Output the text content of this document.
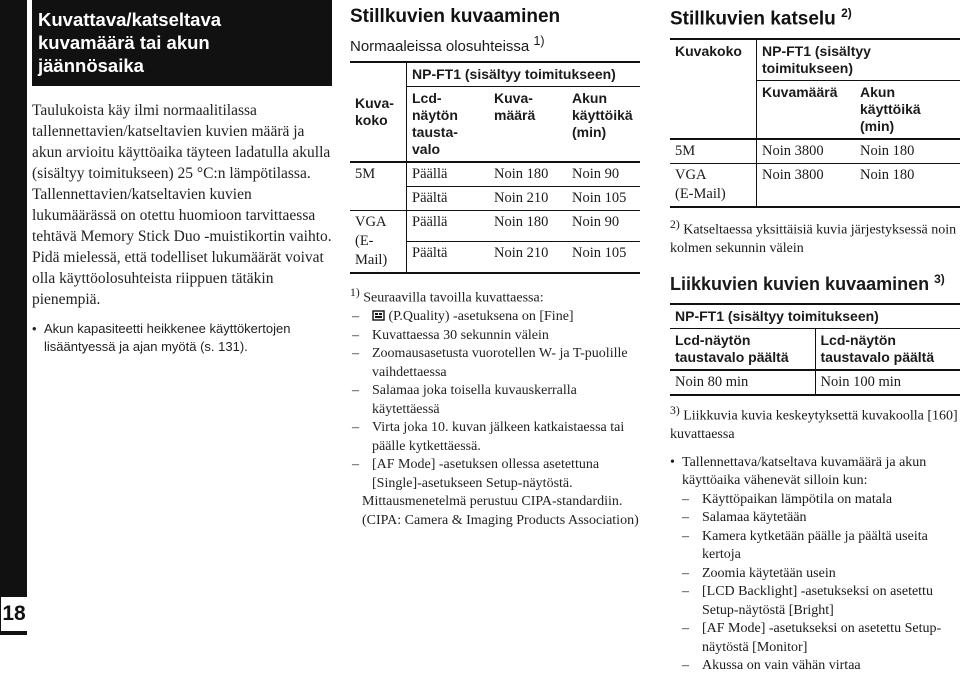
18
Kuvattava/katseltava
kuvamäärä tai akun
jäännösaika

Taulukoista käy ilmi normaalitilassa tallennettavien/katseltavien kuvien määrä ja akun arvioitu käyttöaika täyteen ladatulla akulla (sisältyy toimitukseen) 25 °C:n lämpötilassa. Tallennettavien/katseltavien kuvien lukumäärässä on otettu huomioon tarvittaessa tehtävä Memory Stick Duo -muistikortin vaihto. Pidä mielessä, että todelliset lukumäärät voivat olla käyttöolosuhteista riippuen tätäkin pienempiä.

• Akun kapasiteetti heikkenee käyttökertojen lisääntyessä ja ajan myötä (s. 131).
Stillkuvien kuvaaminen
Normaaleissa olosuhteissa $^{1)}$
Kuva-koko	NP-FT1 (sisältyy toimitukseen)		
	Lcd-näytön tausta-valo	Kuva-määrä	Akun käyttöikä (min)
5M	Päällä	Noin 180	Noin 90
	Päältä	Noin 210	Noin 105
VGA
(E-Mail)	Päällä	Noin 180	Noin 90
	Päältä	Noin 210	Noin 105

$^{1)}$ Seuraavilla tavoilla kuvattaessa:

– (P.Quality) -asetuksena on [Fine]
– Kuvattaessa 30 sekunnin välein
– Zoomausasetusta vuorotellen W- ja T-puolille vaihdettaessa
– Salamaa joka toisella kuvauskerralla käytettäessä
– Virta joka 10. kuvan jälkeen katkaistaessa tai päälle kytkettäessä.
– [AF Mode] -asetuksen ollessa asetettuna [Single]-asetukseen Setup-näytöstä.
Mittausmenetelmä perustuu CIPA-standardiin. (CIPA: Camera & Imaging Products Association)
Stillkuvien katselu $^{2)}$
Kuvakoko	NP-FT1 (sisältyy toimitukseen)	
	Kuvamäärä	Akun käyttöikä (min)
5M	Noin 3800	Noin 180
VGA
(E-Mail)	Noin 3800	Noin 180
$^{2)}$ Katseltaessa yksittäisiä kuvia järjestyksessä noin kolmen sekunnin välein
Liikkuvien kuvien kuvaaminen $^{3)}$
NP-FT1 (sisältyy toimitukseen)	
Lcd-näytön taustavalo päältä	Lcd-näytön taustavalo päältä
Noin 80 min	Noin 100 min
$^{3)}$ Liikkuvia kuvia keskeytyksettä kuvakoolla [160] kuvattaessa
• Tallennettava/katseltava kuvamäärä ja akun käyttöaika vähenevät silloin kun:
– Käyttöpaikan lämpötila on matala
– Salamaa käytetään
– Kamera kytketään päälle ja päältä useita kertoja
– Zoomia käytetään usein
– [LCD Backlight] -asetukseksi on asetettu Setup-näytöstä [Bright]
– [AF Mode] -asetukseksi on asetettu Setup-näytöstä [Monitor]
– Akussa on vain vähän virtaa
